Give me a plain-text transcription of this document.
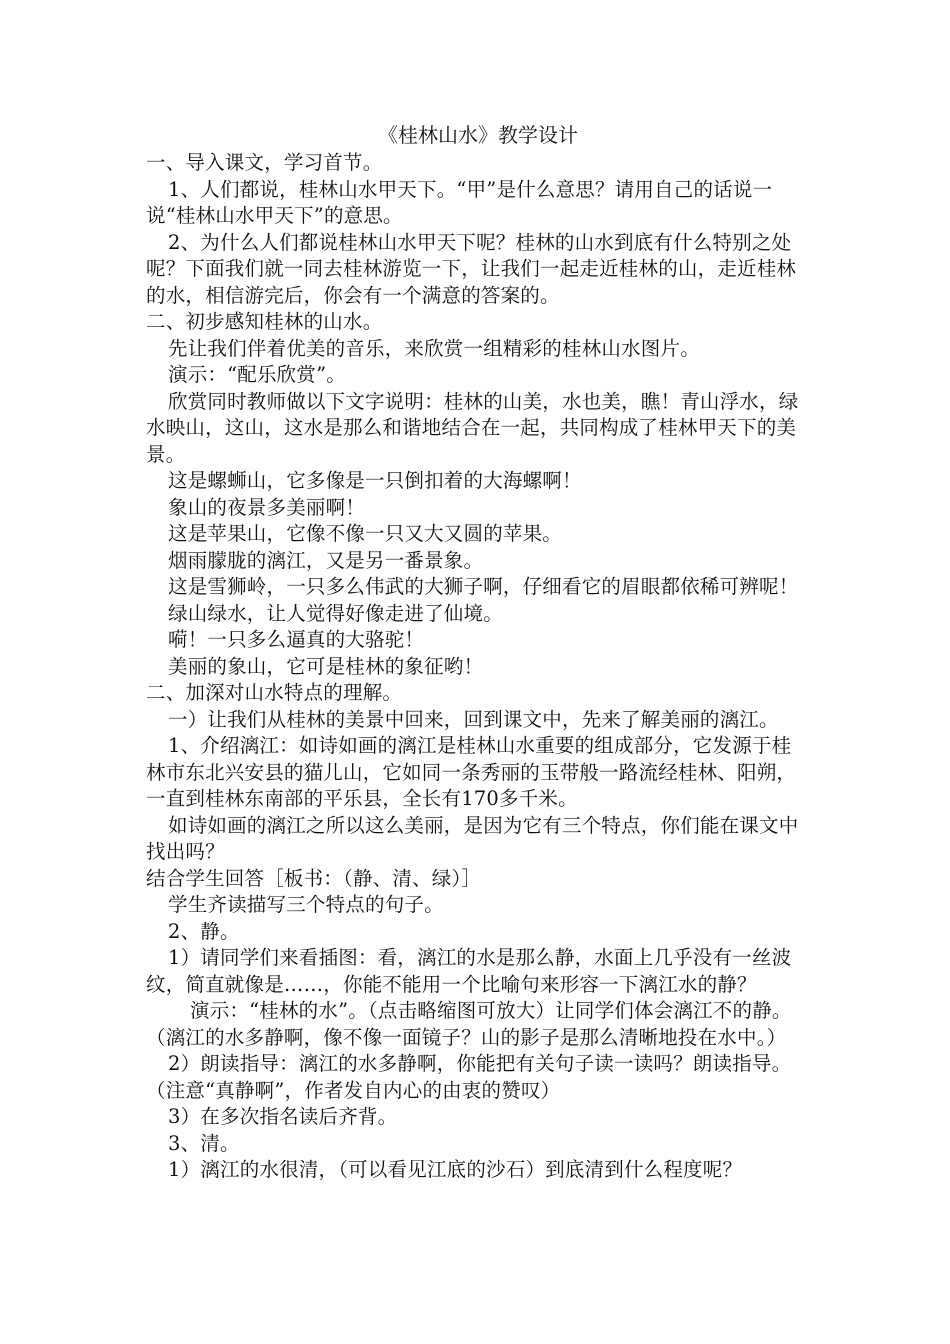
《桂林山水》教学设计

一、导入课文，学习首节。

1、人们都说，桂林山水甲天下。“甲”是什么意思？请用自己的话说一说“桂林山水甲天下”的意思。

2、为什么人们都说桂林山水甲天下呢？桂林的山水到底有什么特别之处呢？下面我们就一同去桂林游览一下，让我们一起走近桂林的山，走近桂林的水，相信游完后，你会有一个满意的答案的。

二、初步感知桂林的山水。

先让我们伴着优美的音乐，来欣赏一组精彩的桂林山水图片。

演示：“配乐欣赏”。

欣赏同时教师做以下文字说明：桂林的山美，水也美，瞧！青山浮水，绿水映山，这山，这水是那么和谐地结合在一起，共同构成了桂林甲天下的美景。

这是螺蛳山，它多像是一只倒扣着的大海螺啊！

象山的夜景多美丽啊！

这是苹果山，它像不像一只又大又圆的苹果。

烟雨朦胧的漓江，又是另一番景象。

这是雪狮岭，一只多么伟武的大狮子啊，仔细看它的眉眼都依稀可辨呢！

绿山绿水，让人觉得好像走进了仙境。

嗬！一只多么逼真的大骆驼！

美丽的象山，它可是桂林的象征哟！

二、加深对山水特点的理解。

一）让我们从桂林的美景中回来，回到课文中，先来了解美丽的漓江。

1、介绍漓江：如诗如画的漓江是桂林山水重要的组成部分，它发源于桂林市东北兴安县的猫儿山，它如同一条秀丽的玉带般一路流经桂林、阳朔，一直到桂林东南部的平乐县，全长有170多千米。

如诗如画的漓江之所以这么美丽，是因为它有三个特点，你们能在课文中找出吗？

结合学生回答［板书：（静、清、绿）］

学生齐读描写三个特点的句子。

2、静。

1）请同学们来看插图：看，漓江的水是那么静，水面上几乎没有一丝波纹，简直就像是……，你能不能用一个比喻句来形容一下漓江水的静？

演示：“桂林的水”。（点击略缩图可放大）让同学们体会漓江不的静。（漓江的水多静啊，像不像一面镜子？山的影子是那么清晰地投在水中。）

2）朗读指导：漓江的水多静啊，你能把有关句子读一读吗？朗读指导。（注意“真静啊”，作者发自内心的由衷的赞叹）

3）在多次指名读后齐背。

3、清。

1）漓江的水很清，（可以看见江底的沙石）到底清到什么程度呢？
